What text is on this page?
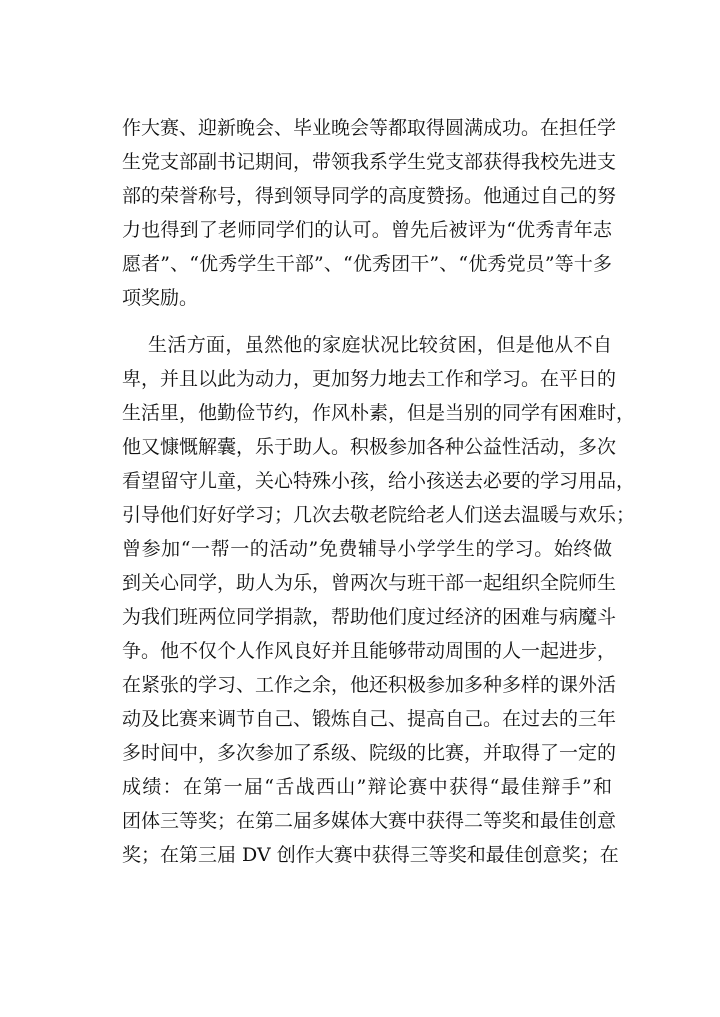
作大赛、迎新晚会、毕业晚会等都取得圆满成功。在担任学
生党支部副书记期间，带领我系学生党支部获得我校先进支
部的荣誉称号，得到领导同学的高度赞扬。他通过自己的努
力也得到了老师同学们的认可。曾先后被评为“优秀青年志
愿者”、“优秀学生干部”、“优秀团干”、“优秀党员”等十多
项奖励。
生活方面，虽然他的家庭状况比较贫困，但是他从不自
卑，并且以此为动力，更加努力地去工作和学习。在平日的
生活里，他勤俭节约，作风朴素，但是当别的同学有困难时，
他又慷慨解囊，乐于助人。积极参加各种公益性活动，多次
看望留守儿童，关心特殊小孩，给小孩送去必要的学习用品，
引导他们好好学习；几次去敬老院给老人们送去温暖与欢乐；
曾参加“一帮一的活动”免费辅导小学学生的学习。始终做
到关心同学，助人为乐，曾两次与班干部一起组织全院师生
为我们班两位同学捐款，帮助他们度过经济的困难与病魔斗
争。他不仅个人作风良好并且能够带动周围的人一起进步，
在紧张的学习、工作之余，他还积极参加多种多样的课外活
动及比赛来调节自己、锻炼自己、提高自己。在过去的三年
多时间中，多次参加了系级、院级的比赛，并取得了一定的
成绩：在第一届“舌战西山”辩论赛中获得“最佳辩手”和
团体三等奖；在第二届多媒体大赛中获得二等奖和最佳创意
奖；在第三届 DV 创作大赛中获得三等奖和最佳创意奖；在
